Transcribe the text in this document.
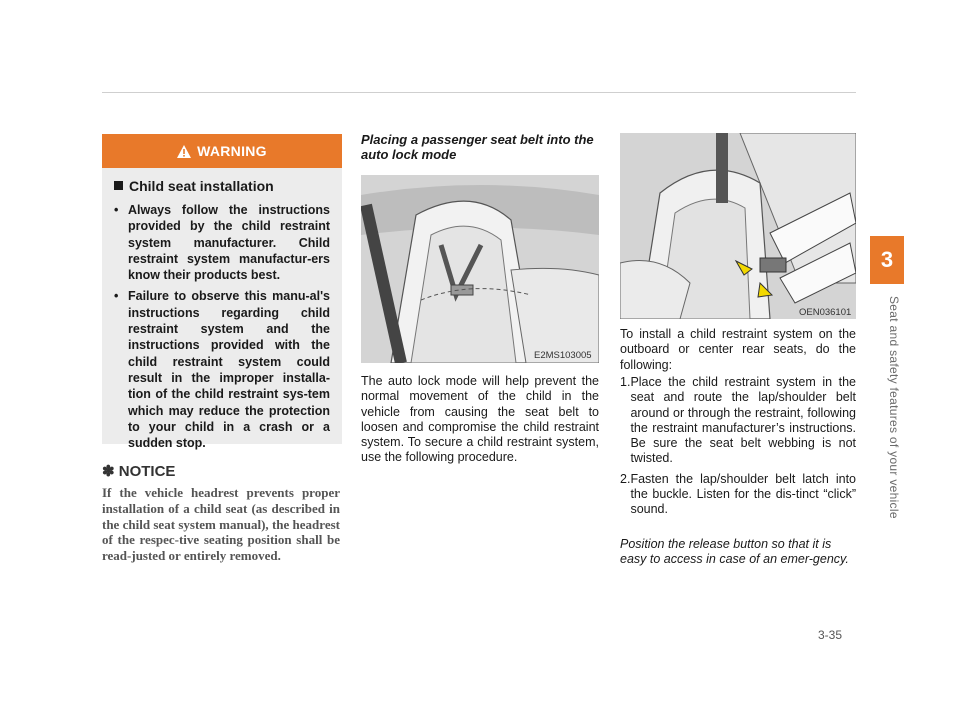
3
Seat and safety features of your vehicle
WARNING
Child seat installation
• Always follow the instructions provided by the child restraint system manufacturer. Child restraint system manufactur-ers know their products best.
• Failure to observe this manu-al's instructions regarding child restraint system and the instructions provided with the child restraint system could result in the improper installa-tion of the child restraint sys-tem which may reduce the protection to your child in a crash or a sudden stop.
✽ NOTICE
If the vehicle headrest prevents proper installation of a child seat (as described in the child seat system manual), the headrest of the respec-tive seating position shall be read-justed or entirely removed.
Placing a passenger seat belt into the auto lock mode
E2MS103005
The auto lock mode will help prevent the normal movement of the child in the vehicle from causing the seat belt to loosen and compromise the child restraint system. To secure a child restraint system, use the following procedure.
OEN036101
To install a child restraint system on the outboard or center rear seats, do the following:
1. Place the child restraint system in the seat and route the lap/shoulder belt around or through the restraint, following the restraint manufacturer’s instructions. Be sure the seat belt webbing is not twisted.
2. Fasten the lap/shoulder belt latch into the buckle. Listen for the dis-tinct “click” sound.
Position the release button so that it is easy to access in case of an emer-gency.
3-35
